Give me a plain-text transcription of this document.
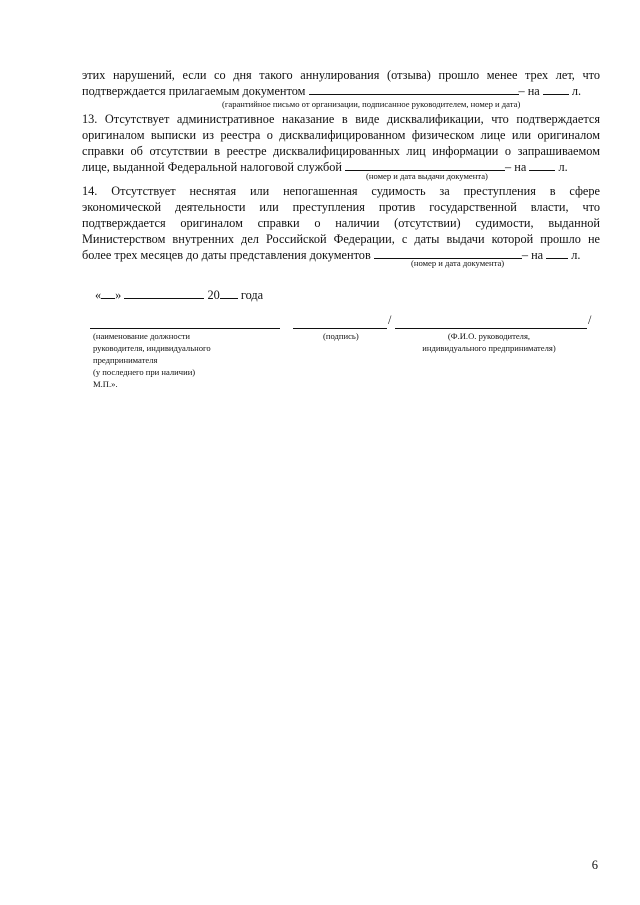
этих нарушений, если со дня такого аннулирования (отзыва) прошло менее трех лет, что
подтверждается прилагаемым документом	– на	л.
(гарантийное письмо от организации, подписанное руководителем, номер и дата)
13. Отсутствует административное наказание в виде дисквалификации, что подтверждается
оригиналом выписки из реестра о дисквалифицированном физическом лице или оригиналом
справки об отсутствии в реестре дисквалифицированных лиц информации о запрашиваемом
лице, выданной Федеральной налоговой службой	– на	л.
(номер и дата выдачи документа)
14. Отсутствует неснятая или непогашенная судимость за преступления в сфере
экономической деятельности или преступления против государственной власти, что
подтверждается оригиналом справки о наличии (отсутствии) судимости, выданной
Министерством внутренних дел Российской Федерации, с даты выдачи которой прошло не
более трех месяцев до даты представления документов	– на л.
(номер и дата документа)
« »	20 года
/	/
(наименование должности
руководителя, индивидуального
предпринимателя
(у последнего при наличии)
М.П.».
(подпись)	(Ф.И.О. руководителя,
индивидуального предпринимателя)
6
